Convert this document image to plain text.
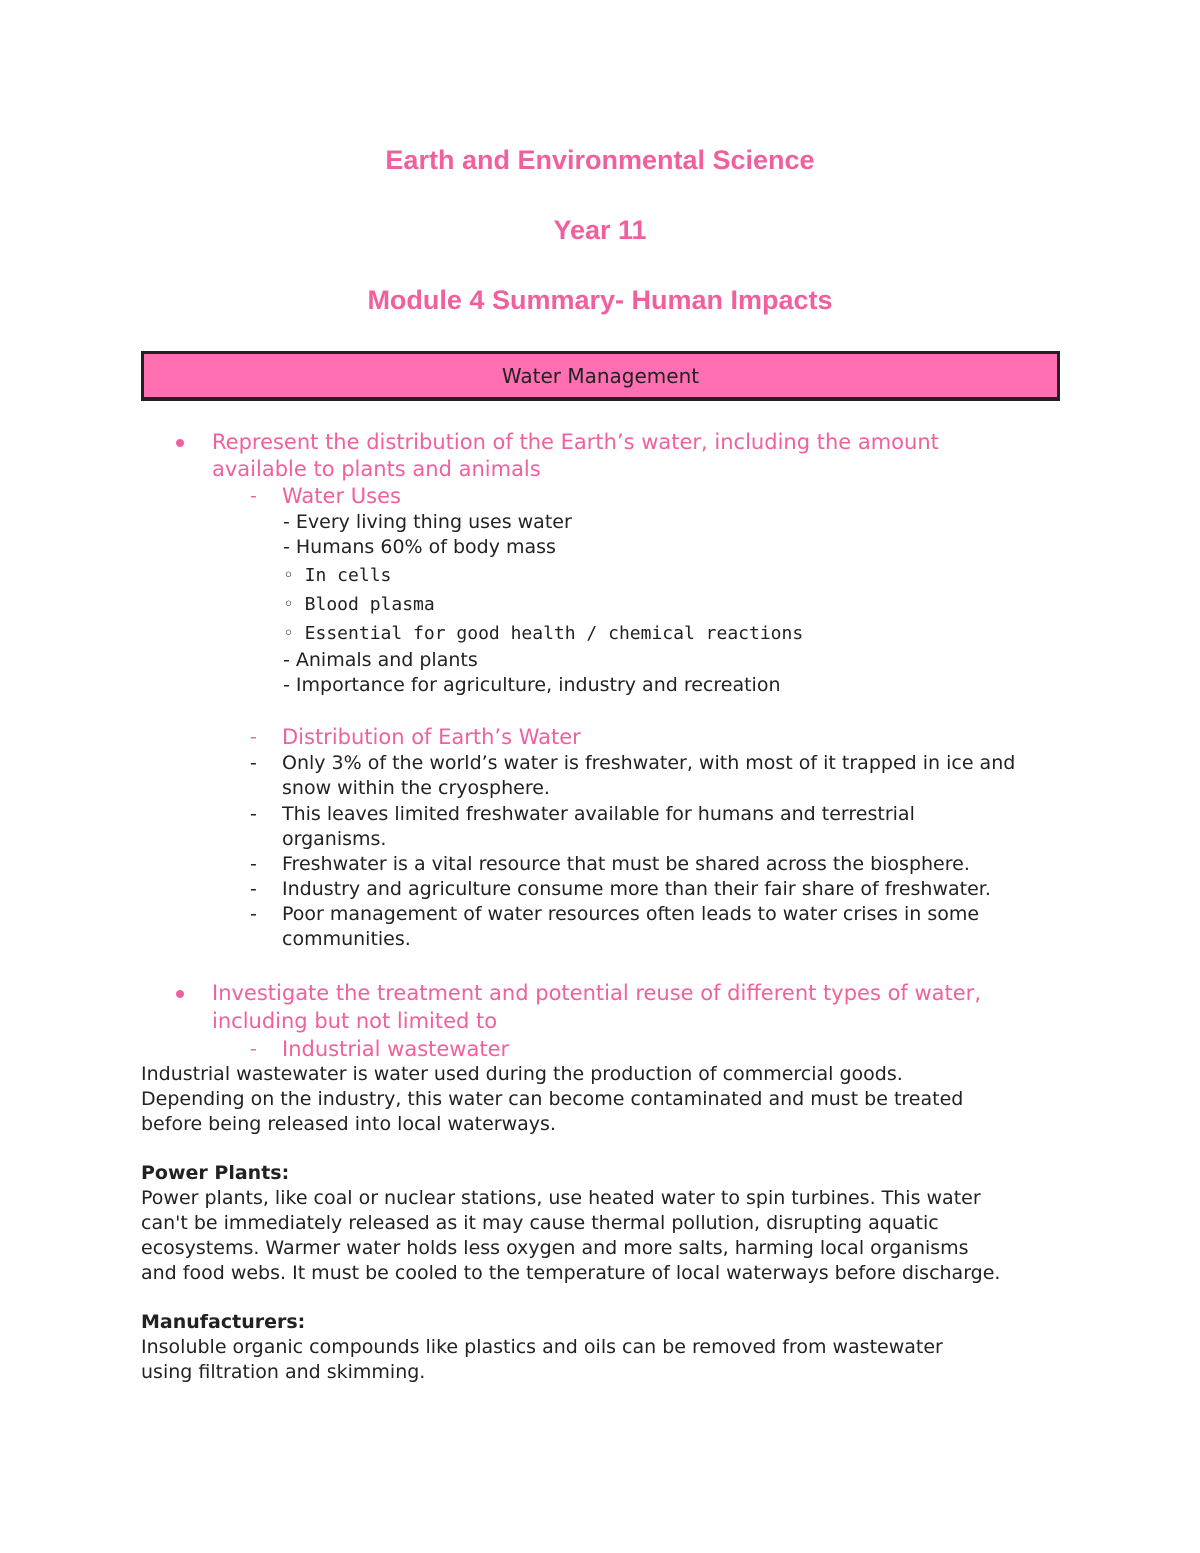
Earth and Environmental Science
Year 11
Module 4 Summary- Human Impacts
Water Management

Represent the distribution of the Earth’s water, including the amount

available to plants and animals

- Water Uses

- Every living thing uses water

- Humans 60% of body mass

◦ In cells

◦ Blood plasma

◦ Essential for good health / chemical reactions

- Animals and plants

- Importance for agriculture, industry and recreation

- Distribution of Earth’s Water

- Only 3% of the world’s water is freshwater, with most of it trapped in ice and

snow within the cryosphere.

- This leaves limited freshwater available for humans and terrestrial

organisms.

- Freshwater is a vital resource that must be shared across the biosphere.

- Industry and agriculture consume more than their fair share of freshwater.

- Poor management of water resources often leads to water crises in some

communities.

Investigate the treatment and potential reuse of different types of water,

including but not limited to

- Industrial wastewater

Industrial wastewater is water used during the production of commercial goods.

Depending on the industry, this water can become contaminated and must be treated

before being released into local waterways.

Power Plants:

Power plants, like coal or nuclear stations, use heated water to spin turbines. This water

can't be immediately released as it may cause thermal pollution, disrupting aquatic

ecosystems. Warmer water holds less oxygen and more salts, harming local organisms

and food webs. It must be cooled to the temperature of local waterways before discharge.

Manufacturers:

Insoluble organic compounds like plastics and oils can be removed from wastewater

using filtration and skimming.
